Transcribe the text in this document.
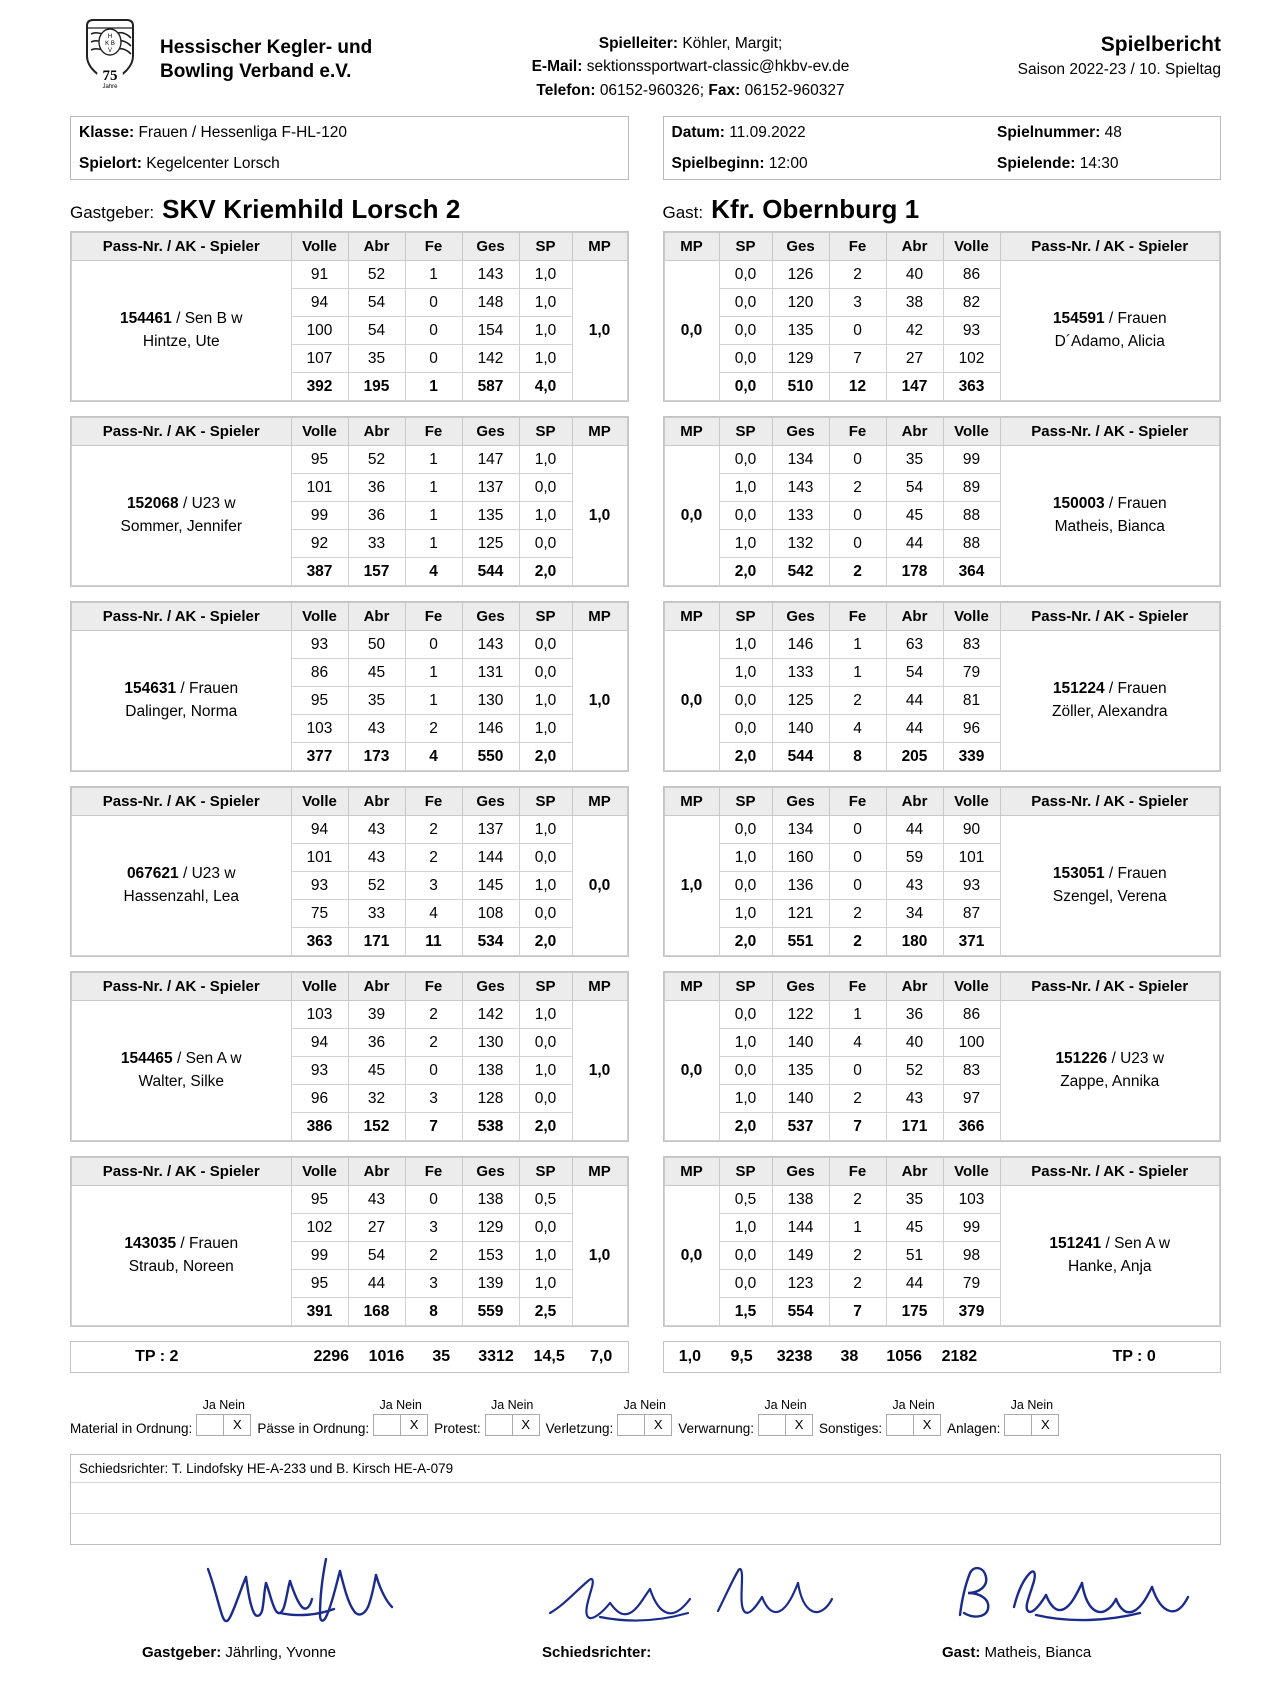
H
K B
V
75
Jahre
Hessischer Kegler- und
Bowling Verband e.V.
Spielleiter: Köhler, Margit;
E-Mail: sektionssportwart-classic@hkbv-ev.de
Telefon: 06152-960326; Fax: 06152-960327
Spielbericht
Saison 2022-23 / 10. Spieltag
Klasse: Frauen / Hessenliga F-HL-120
Spielort: Kegelcenter Lorsch
Datum: 11.09.2022	Spielnummer: 48
Spielbeginn: 12:00	Spielende: 14:30
Gastgeber: SKV Kriemhild Lorsch 2	Gast: Kfr. Obernburg 1
Pass-Nr. / AK - Spieler	Volle	Abr	Fe	Ges	SP	MP
154461 / Sen B w
Hintze, Ute	91	52	1	143	1,0	1,0
	94	54	0	148	1,0	
	100	54	0	154	1,0	
	107	35	0	142	1,0	
	392	195	1	587	4,0	
MP	SP	Ges	Fe	Abr	Volle	Pass-Nr. / AK - Spieler
0,0	0,0	126	2	40	86	154591 / Frauen
D´Adamo, Alicia
	0,0	120	3	38	82	
	0,0	135	0	42	93	
	0,0	129	7	27	102	
	0,0	510	12	147	363	
Pass-Nr. / AK - Spieler	Volle	Abr	Fe	Ges	SP	MP
152068 / U23 w
Sommer, Jennifer	95	52	1	147	1,0	1,0
	101	36	1	137	0,0	
	99	36	1	135	1,0	
	92	33	1	125	0,0	
	387	157	4	544	2,0	
MP	SP	Ges	Fe	Abr	Volle	Pass-Nr. / AK - Spieler
0,0	0,0	134	0	35	99	150003 / Frauen
Matheis, Bianca
	1,0	143	2	54	89	
	0,0	133	0	45	88	
	1,0	132	0	44	88	
	2,0	542	2	178	364	
Pass-Nr. / AK - Spieler	Volle	Abr	Fe	Ges	SP	MP
154631 / Frauen
Dalinger, Norma	93	50	0	143	0,0	1,0
	86	45	1	131	0,0	
	95	35	1	130	1,0	
	103	43	2	146	1,0	
	377	173	4	550	2,0	
MP	SP	Ges	Fe	Abr	Volle	Pass-Nr. / AK - Spieler
0,0	1,0	146	1	63	83	151224 / Frauen
Zöller, Alexandra
	1,0	133	1	54	79	
	0,0	125	2	44	81	
	0,0	140	4	44	96	
	2,0	544	8	205	339	
Pass-Nr. / AK - Spieler	Volle	Abr	Fe	Ges	SP	MP
067621 / U23 w
Hassenzahl, Lea	94	43	2	137	1,0	0,0
	101	43	2	144	0,0	
	93	52	3	145	1,0	
	75	33	4	108	0,0	
	363	171	11	534	2,0	
MP	SP	Ges	Fe	Abr	Volle	Pass-Nr. / AK - Spieler
1,0	0,0	134	0	44	90	153051 / Frauen
Szengel, Verena
	1,0	160	0	59	101	
	0,0	136	0	43	93	
	1,0	121	2	34	87	
	2,0	551	2	180	371	
Pass-Nr. / AK - Spieler	Volle	Abr	Fe	Ges	SP	MP
154465 / Sen A w
Walter, Silke	103	39	2	142	1,0	1,0
	94	36	2	130	0,0	
	93	45	0	138	1,0	
	96	32	3	128	0,0	
	386	152	7	538	2,0	
MP	SP	Ges	Fe	Abr	Volle	Pass-Nr. / AK - Spieler
0,0	0,0	122	1	36	86	151226 / U23 w
Zappe, Annika
	1,0	140	4	40	100	
	0,0	135	0	52	83	
	1,0	140	2	43	97	
	2,0	537	7	171	366	
Pass-Nr. / AK - Spieler	Volle	Abr	Fe	Ges	SP	MP
143035 / Frauen
Straub, Noreen	95	43	0	138	0,5	1,0
	102	27	3	129	0,0	
	99	54	2	153	1,0	
	95	44	3	139	1,0	
	391	168	8	559	2,5	
MP	SP	Ges	Fe	Abr	Volle	Pass-Nr. / AK - Spieler
0,0	0,5	138	2	35	103	151241 / Sen A w
Hanke, Anja
	1,0	144	1	45	99	
	0,0	149	2	51	98	
	0,0	123	2	44	79	
	1,5	554	7	175	379	
TP : 2		2296	1016	35	3312	14,5	7,0	1,0	9,5	3238	38	1056	2182		TP : 0
Material in Ordnung:
Ja Nein
X	Pässe in Ordnung:
Ja Nein
X	Protest:
Ja Nein
X	Verletzung:
Ja Nein
X	Verwarnung:
Ja Nein
X	Sonstiges:
Ja Nein
X	Anlagen:
Ja Nein
X
Schiedsrichter: T. Lindofsky HE-A-233 und B. Kirsch HE-A-079
Gastgeber: Jährling, Yvonne	Schiedsrichter:	Gast: Matheis, Bianca
